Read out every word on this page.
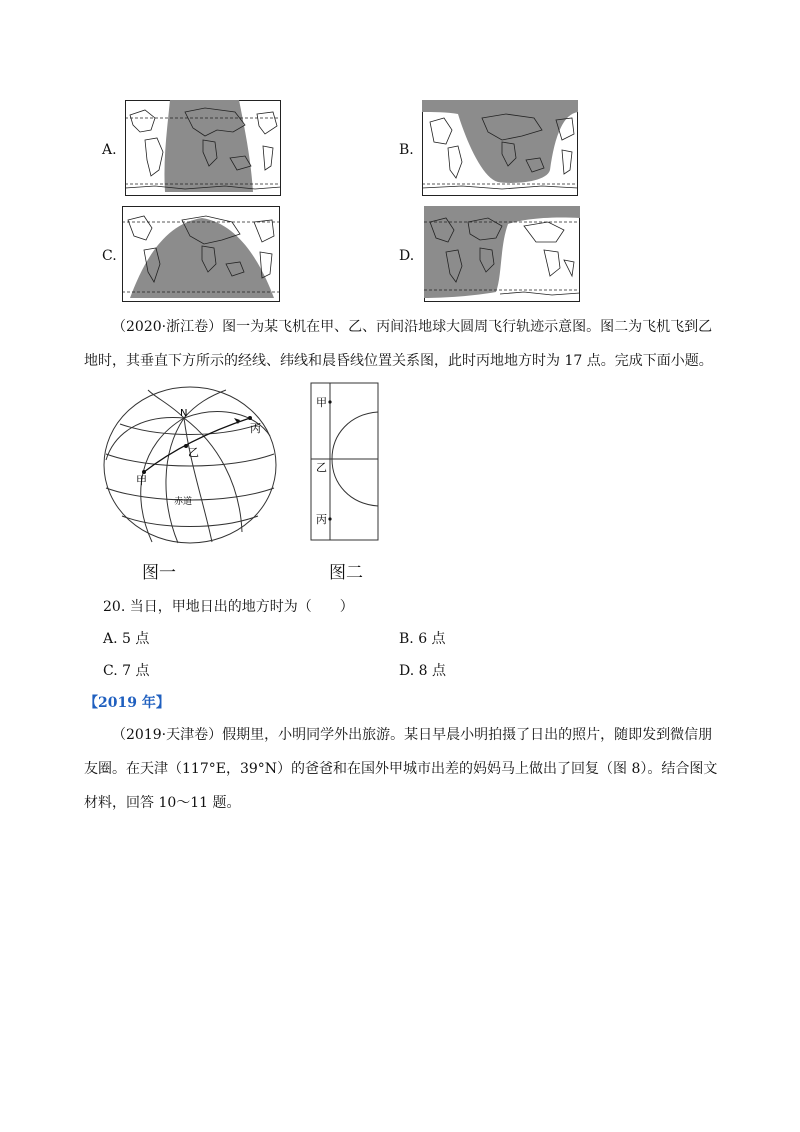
A.	B.
C.	D.

（2020·浙江卷）图一为某飞机在甲、乙、丙间沿地球大圆周飞行轨迹示意图。图二为飞机飞到乙地时，其垂直下方所示的经线、纬线和晨昏线位置关系图，此时丙地地方时为 17 点。完成下面小题。

N
甲
乙
丙
赤道
甲
乙
丙
图一	图二
20. 当日，甲地日出的地方时为（　　）
A. 5 点	B. 6 点
C. 7 点	D. 8 点
【2019 年】

（2019·天津卷）假期里，小明同学外出旅游。某日早晨小明拍摄了日出的照片，随即发到微信朋友圈。在天津（117°E，39°N）的爸爸和在国外甲城市出差的妈妈马上做出了回复（图 8）。结合图文材料，回答 10～11 题。
